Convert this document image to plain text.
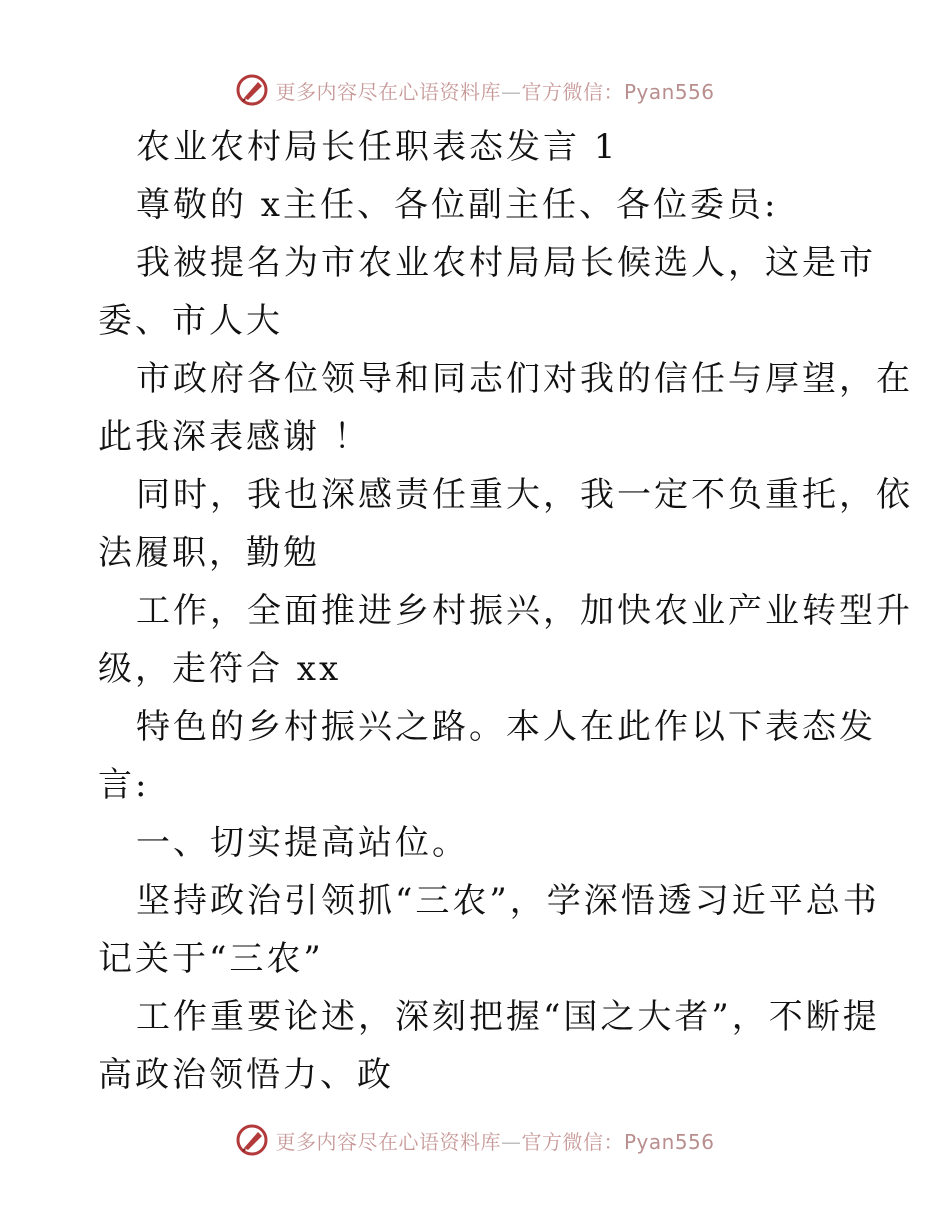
更多内容尽在心语资料库—官方微信：Pyan556
农业农村局长任职表态发言 1
尊敬的 x主任、各位副主任、各位委员:
我被提名为市农业农村局局长候选人，这是市
委、市人大
市政府各位领导和同志们对我的信任与厚望，在
此我深表感谢 ！
同时，我也深感责任重大，我一定不负重托，依
法履职，勤勉
工作，全面推进乡村振兴，加快农业产业转型升
级，走符合 xx
特色的乡村振兴之路。本人在此作以下表态发
言:
一、切实提高站位。
坚持政治引领抓“三农”，学深悟透习近平总书
记关于“三农”
工作重要论述，深刻把握“国之大者”，不断提
高政治领悟力、政
更多内容尽在心语资料库—官方微信：Pyan556
